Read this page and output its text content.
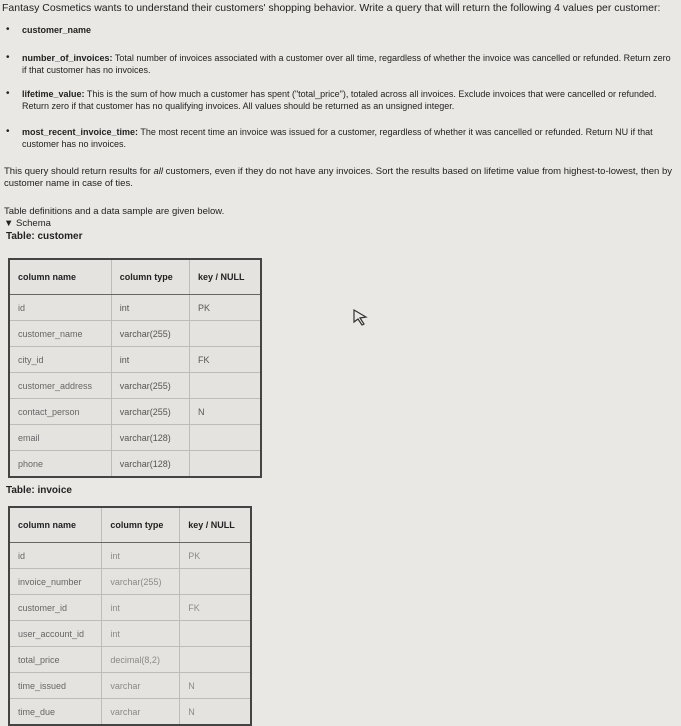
Fantasy Cosmetics wants to understand their customers' shopping behavior. Write a query that will return the following 4 values per customer:
• customer_name
• number_of_invoices: Total number of invoices associated with a customer over all time, regardless of whether the invoice was cancelled or refunded. Return zero if that customer has no invoices.
• lifetime_value: This is the sum of how much a customer has spent ("total_price"), totaled across all invoices. Exclude invoices that were cancelled or refunded. Return zero if that customer has no qualifying invoices. All values should be returned as an unsigned integer.
• most_recent_invoice_time: The most recent time an invoice was issued for a customer, regardless of whether it was cancelled or refunded. Return NU if that customer has no invoices.
This query should return results for all customers, even if they do not have any invoices. Sort the results based on lifetime value from highest-to-lowest, then by customer name in case of ties.
Table definitions and a data sample are given below.
▼ Schema
Table: customer
column name	column type	key / NULL
id	int	PK
customer_name	varchar(255)	
city_id	int	FK
customer_address	varchar(255)	
contact_person	varchar(255)	N
email	varchar(128)	
phone	varchar(128)	
Table: invoice
column name	column type	key / NULL
id	int	PK
invoice_number	varchar(255)	
customer_id	int	FK
user_account_id	int	
total_price	decimal(8,2)	
time_issued	varchar	N
time_due	varchar	N
